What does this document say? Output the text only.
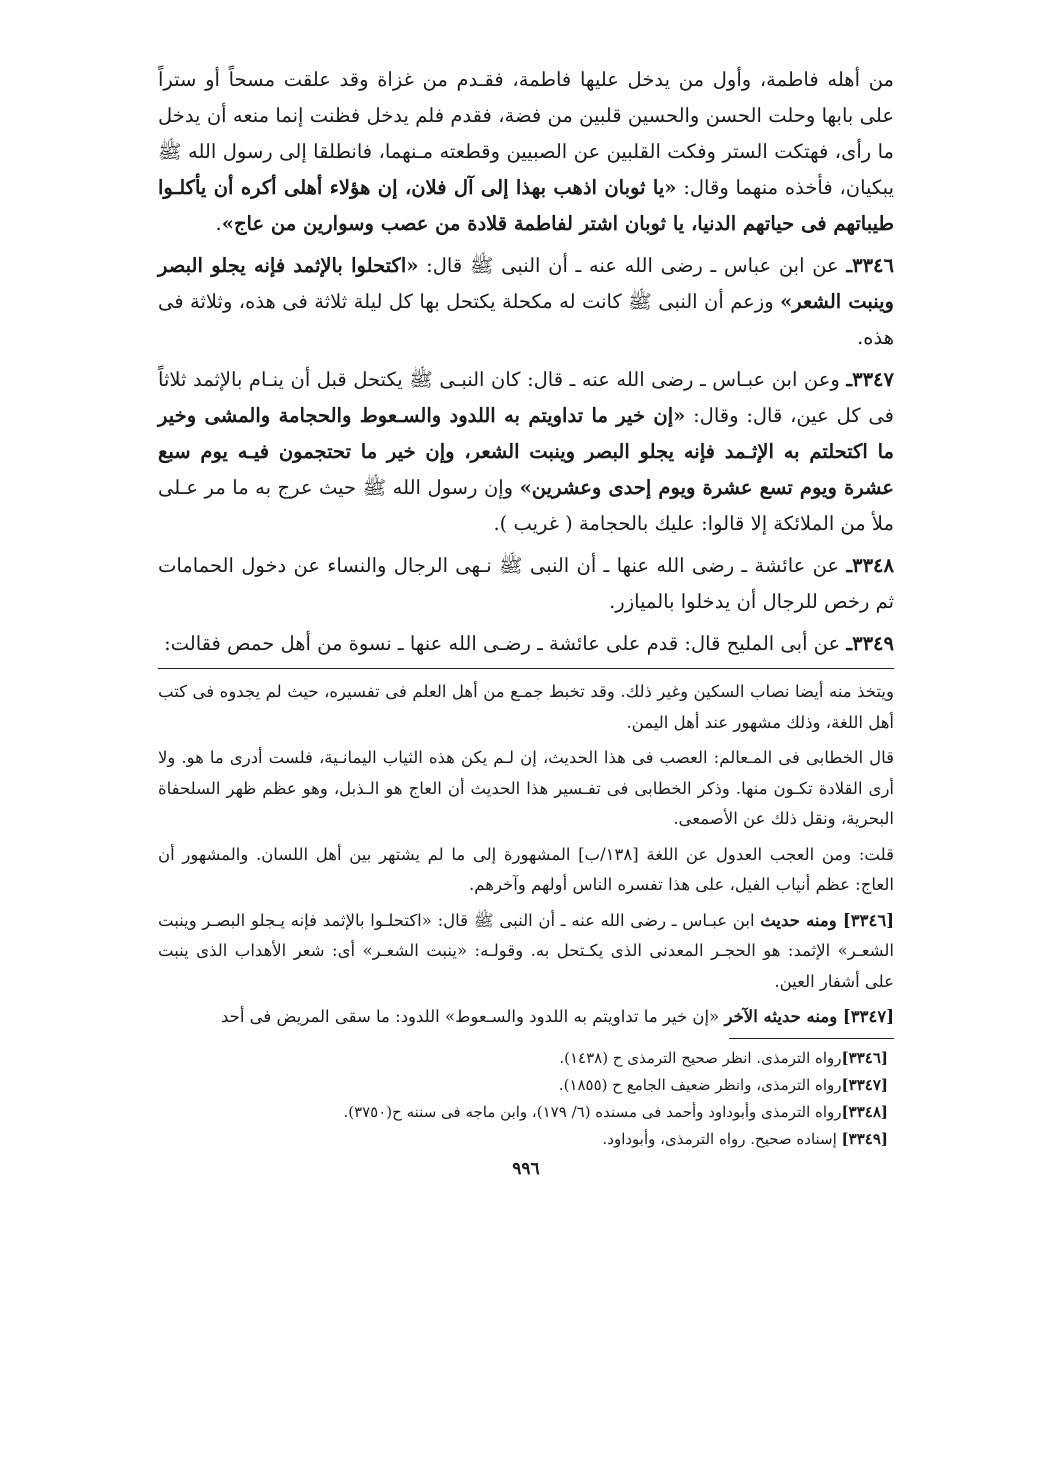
من أهله فاطمة، وأول من يدخل عليها فاطمة، فقـدم من غزاة وقد علقت مسحاً أو ستراً على بابها وحلت الحسن والحسين قلبين من فضة، فقدم فلم يدخل فظنت إنما منعه أن يدخل ما رأى، فهتكت الستر وفكت القلبين عن الصبيين وقطعته مـنهما، فانطلقا إلى رسول الله ﷺ يبكيان، فأخذه منهما وقال: «يا ثوبان اذهب بهذا إلى آل فلان، إن هؤلاء أهلى أكره أن يأكلـوا طيباتهم فى حياتهم الدنيا، يا ثوبان اشتر لفاطمة قلادة من عصب وسوارين من عاج».

٣٣٤٦ـ عن ابن عباس ـ رضى الله عنه ـ أن النبى ﷺ قال: «اكتحلوا بالإثمد فإنه يجلو البصر وينبت الشعر» وزعم أن النبى ﷺ كانت له مكحلة يكتحل بها كل ليلة ثلاثة فى هذه، وثلاثة فى هذه.

٣٣٤٧ـ وعن ابن عبـاس ـ رضى الله عنه ـ قال: كان النبـى ﷺ يكتحل قبل أن ينـام بالإثمد ثلاثاً فى كل عين، قال: وقال: «إن خير ما تداويتم به اللدود والسـعوط والحجامة والمشى وخير ما اكتحلتم به الإثـمد فإنه يجلو البصر وينبت الشعر، وإن خير ما تحتجمون فيـه يوم سبع عشرة ويوم تسع عشرة ويوم إحدى وعشرين» وإن رسول الله ﷺ حيث عرج به ما مر عـلى ملأ من الملائكة إلا قالوا: عليك بالحجامة ( غريب ).

٣٣٤٨ـ عن عائشة ـ رضى الله عنها ـ أن النبى ﷺ نـهى الرجال والنساء عن دخول الحمامات ثم رخص للرجال أن يدخلوا بالميازر.

٣٣٤٩ـ عن أبى المليح قال: قدم على عائشة ـ رضـى الله عنها ـ نسوة من أهل حمص فقالت:

ويتخذ منه أيضا نصاب السكين وغير ذلك. وقد تخبط جمـع من أهل العلم فى تفسيره، حيث لم يجدوه فى كتب أهل اللغة، وذلك مشهور عند أهل اليمن.

قال الخطابى فى المـعالم: العصب فى هذا الحديث، إن لـم يكن هذه الثياب اليمانـية، فلست أدرى ما هو. ولا أرى القلادة تكـون منها. وذكر الخطابى فى تفـسير هذا الحديث أن العاج هو الـذبل، وهو عظم ظهر السلحفاة البحرية، ونقل ذلك عن الأصمعى.

قلت: ومن العجب العدول عن اللغة [١٣٨/ب] المشهورة إلى ما لم يشتهر بين أهل اللسان. والمشهور أن العاج: عظم أنياب الفيل، على هذا تفسره الناس أولهم وآخرهم.

[٣٣٤٦] ومنه حديث ابن عبـاس ـ رضى الله عنه ـ أن النبى ﷺ قال: «اكتحلـوا بالإثمد فإنه يـجلو البصـر وينبت الشعـر» الإثمد: هو الحجـر المعدنى الذى يكـتحل به. وقولـه: «ينبت الشعـر» أى: شعر الأهداب الذى ينبت على أشفار العين.

[٣٣٤٧] ومنه حديثه الآخر «إن خير ما تداويتم به اللدود والسـعوط» اللدود: ما سقى المريض فى أحد

[٣٣٤٦]رواه الترمذى. انظر صحيح الترمذى ح (١٤٣٨).

[٣٣٤٧]رواه الترمذى، وانظر ضعيف الجامع ح (١٨٥٥).

[٣٣٤٨]رواه الترمذى وأبوداود وأحمد فى مسنده (٦/ ١٧٩)، وابن ماجه فى سننه ح(٣٧٥٠).

[٣٣٤٩] إسناده صحيح. رواه الترمذى، وأبوداود.

٩٩٦
